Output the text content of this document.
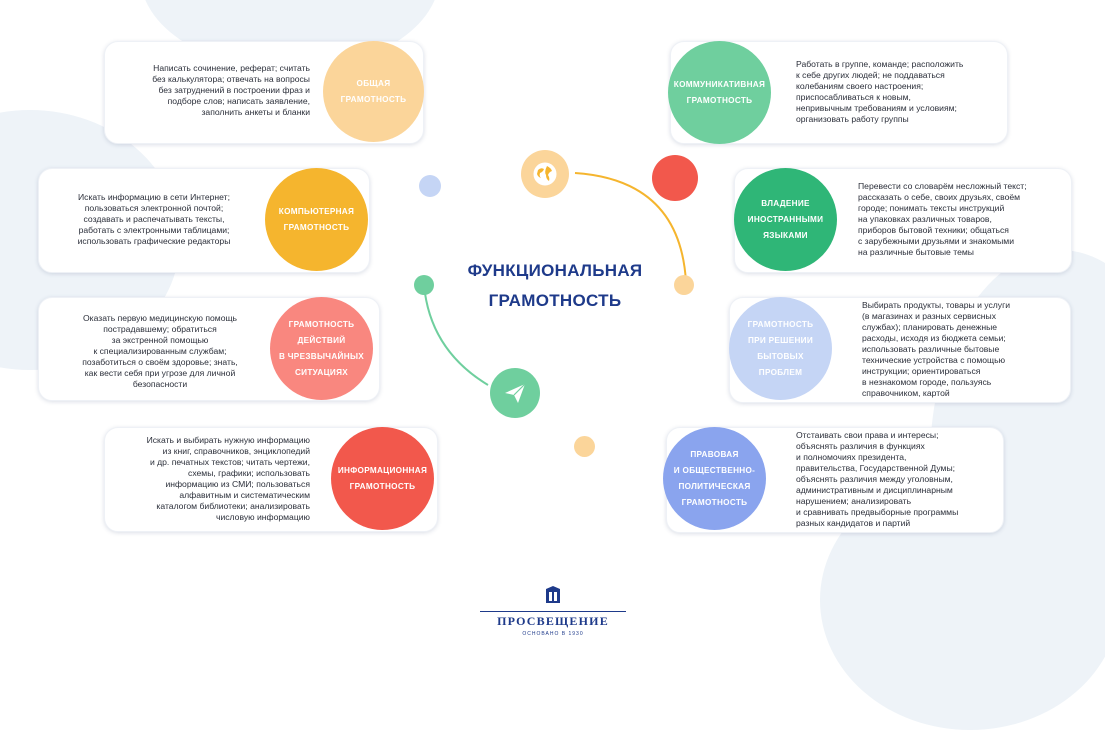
Написать сочинение, реферат; считать
без калькулятора; отвечать на вопросы
без затруднений в построении фраз и
подборе слов; написать заявление,
заполнить анкеты и бланки
ОБЩАЯ
ГРАМОТНОСТЬ
Искать информацию в сети Интернет;
пользоваться электронной почтой;
создавать и распечатывать тексты,
работать с электронными таблицами;
использовать графические редакторы
КОМПЬЮТЕРНАЯ
ГРАМОТНОСТЬ
Оказать первую медицинскую помощь
пострадавшему; обратиться
за экстренной помощью
к специализированным службам;
позаботиться о своём здоровье; знать,
как вести себя при угрозе для личной
безопасности
ГРАМОТНОСТЬ
ДЕЙСТВИЙ
В ЧРЕЗВЫЧАЙНЫХ
СИТУАЦИЯХ
Искать и выбирать нужную информацию
из книг, справочников, энциклопедий
и др. печатных текстов; читать чертежи,
схемы, графики; использовать
информацию из СМИ; пользоваться
алфавитным и систематическим
каталогом библиотеки; анализировать
числовую информацию
ИНФОРМАЦИОННАЯ
ГРАМОТНОСТЬ
КОММУНИКАТИВНАЯ
ГРАМОТНОСТЬ
Работать в группе, команде; расположить
к себе других людей; не поддаваться
колебаниям своего настроения;
приспосабливаться к новым,
непривычным требованиям и условиям;
организовать работу группы
ВЛАДЕНИЕ
ИНОСТРАННЫМИ
ЯЗЫКАМИ
Перевести со словарём несложный текст;
рассказать о себе, своих друзьях, своём
городе; понимать тексты инструкций
на упаковках различных товаров,
приборов бытовой техники; общаться
с зарубежными друзьями и знакомыми
на различные бытовые темы
ГРАМОТНОСТЬ
ПРИ РЕШЕНИИ
БЫТОВЫХ
ПРОБЛЕМ
Выбирать продукты, товары и услуги
(в магазинах и разных сервисных
службах); планировать денежные
расходы, исходя из бюджета семьи;
использовать различные бытовые
технические устройства с помощью
инструкции; ориентироваться
в незнакомом городе, пользуясь
справочником, картой
ПРАВОВАЯ
И ОБЩЕСТВЕННО-
ПОЛИТИЧЕСКАЯ
ГРАМОТНОСТЬ
Отстаивать свои права и интересы;
объяснять различия в функциях
и полномочиях президента,
правительства, Государственной Думы;
объяснять различия между уголовным,
административным и дисциплинарным
нарушением; анализировать
и сравнивать предвыборные программы
разных кандидатов и партий
ФУНКЦИОНАЛЬНАЯ
ГРАМОТНОСТЬ
ПРОСВЕЩЕНИЕ
ОСНОВАНО В 1930
